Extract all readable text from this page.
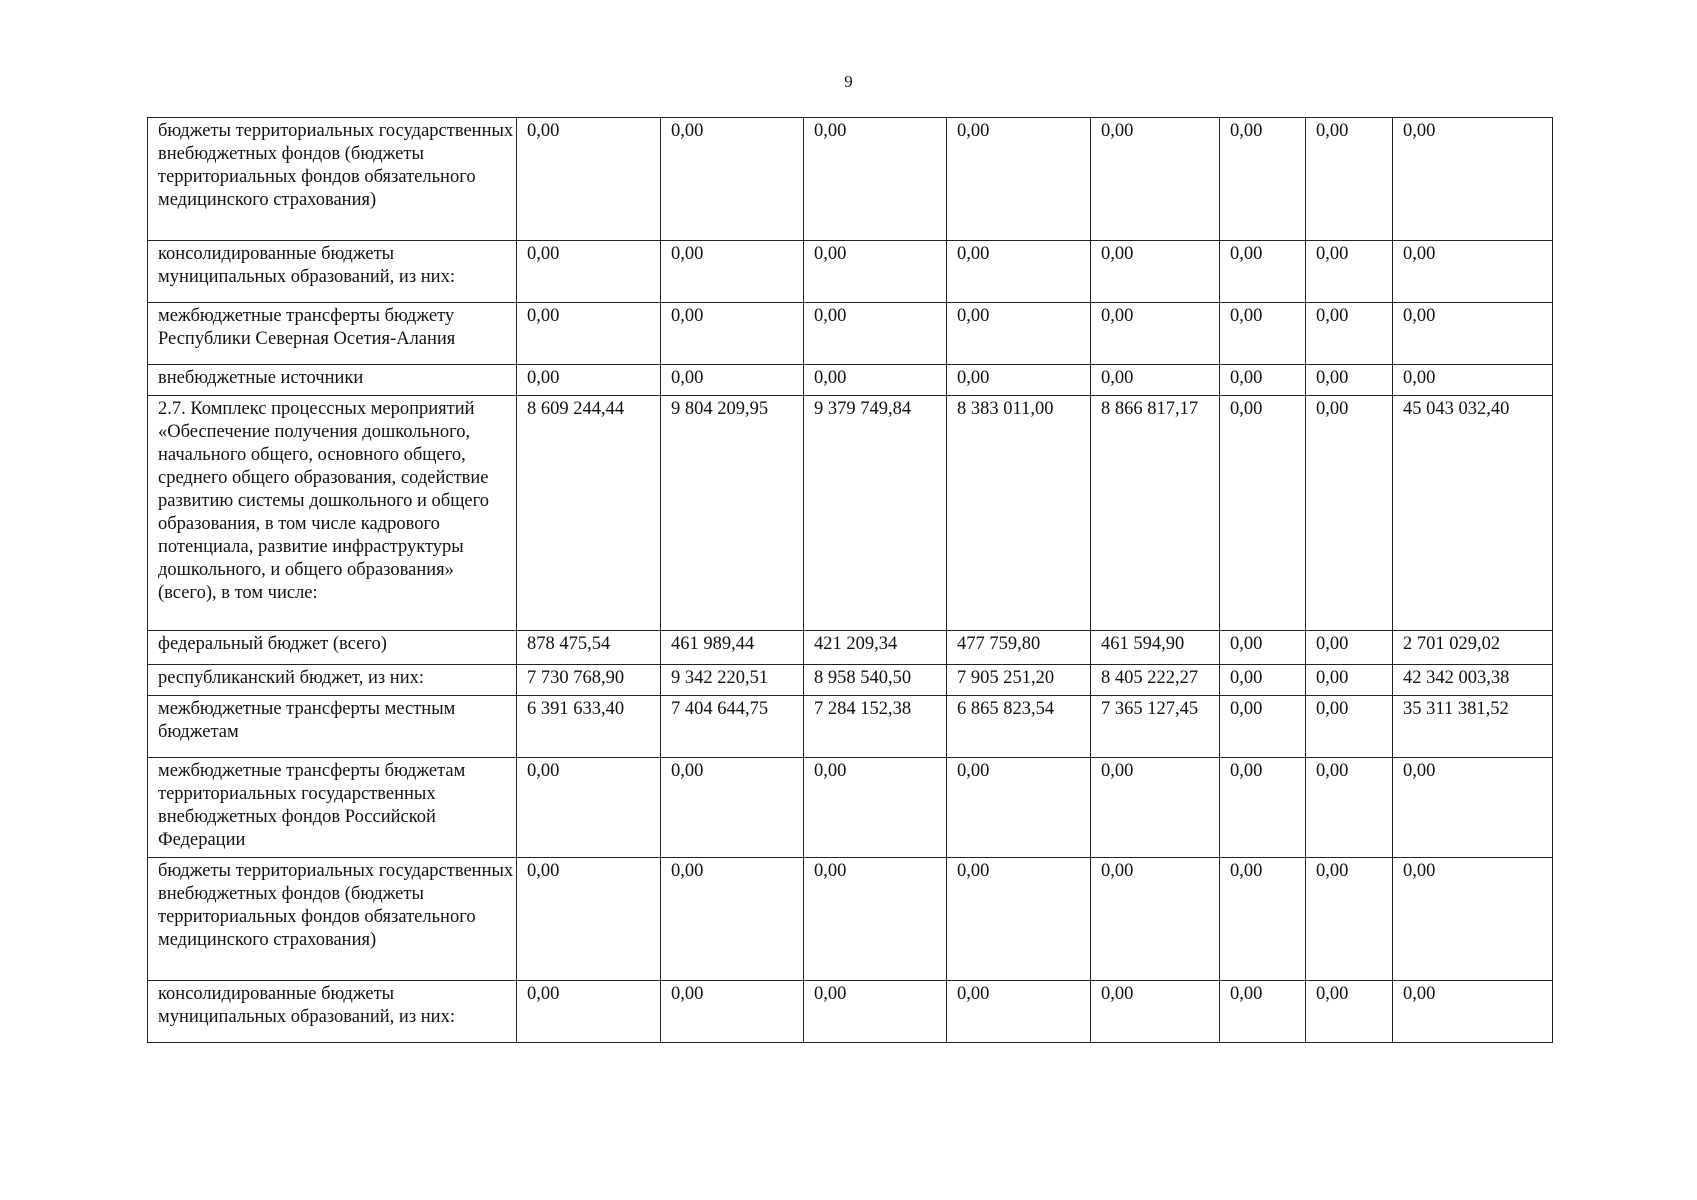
9
бюджеты территориальных государственных внебюджетных фондов (бюджеты территориальных фондов обязательного медицинского страхования)	0,00	0,00	0,00	0,00	0,00	0,00	0,00	0,00
консолидированные бюджеты муниципальных образований, из них:	0,00	0,00	0,00	0,00	0,00	0,00	0,00	0,00
межбюджетные трансферты бюджету Республики Северная Осетия-Алания	0,00	0,00	0,00	0,00	0,00	0,00	0,00	0,00
внебюджетные источники	0,00	0,00	0,00	0,00	0,00	0,00	0,00	0,00
2.7. Комплекс процессных мероприятий «Обеспечение получения дошкольного, начального общего, основного общего, среднего общего образования, содействие развитию системы дошкольного и общего образования, в том числе кадрового потенциала, развитие инфраструктуры дошкольного, и общего образования» (всего), в том числе:	8 609 244,44	9 804 209,95	9 379 749,84	8 383 011,00	8 866 817,17	0,00	0,00	45 043 032,40
федеральный бюджет (всего)	878 475,54	461 989,44	421 209,34	477 759,80	461 594,90	0,00	0,00	2 701 029,02
республиканский бюджет, из них:	7 730 768,90	9 342 220,51	8 958 540,50	7 905 251,20	8 405 222,27	0,00	0,00	42 342 003,38
межбюджетные трансферты местным бюджетам	6 391 633,40	7 404 644,75	7 284 152,38	6 865 823,54	7 365 127,45	0,00	0,00	35 311 381,52
межбюджетные трансферты бюджетам территориальных государственных внебюджетных фондов Российской Федерации	0,00	0,00	0,00	0,00	0,00	0,00	0,00	0,00
бюджеты территориальных государственных внебюджетных фондов (бюджеты территориальных фондов обязательного медицинского страхования)	0,00	0,00	0,00	0,00	0,00	0,00	0,00	0,00
консолидированные бюджеты муниципальных образований, из них:	0,00	0,00	0,00	0,00	0,00	0,00	0,00	0,00
